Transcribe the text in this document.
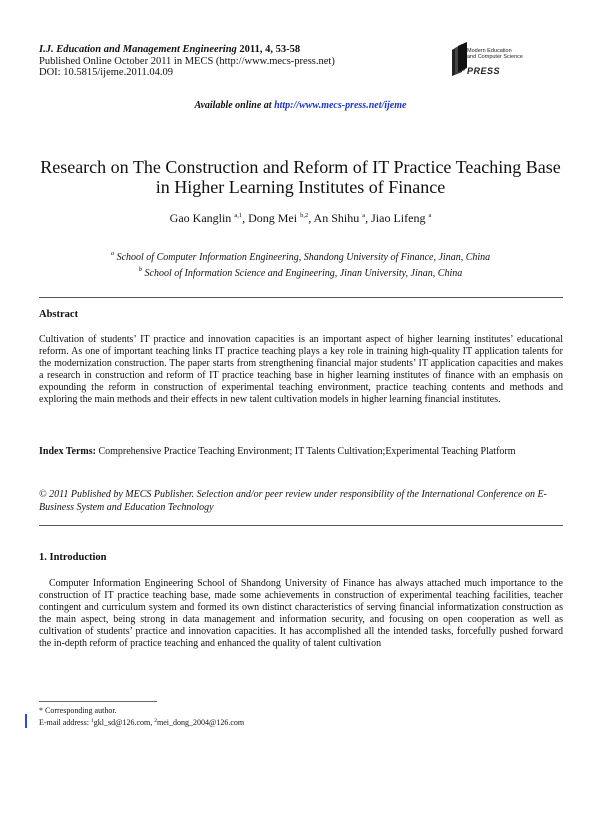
I.J. Education and Management Engineering 2011, 4, 53-58
Published Online October 2011 in MECS (http://www.mecs-press.net)
DOI: 10.5815/ijeme.2011.04.09
Modern Education
and Computer Science
PRESS
Available online at http://www.mecs-press.net/ijeme
Research on The Construction and Reform of IT Practice Teaching Base in Higher Learning Institutes of Finance
Gao Kanglin $^{a,1}$, Dong Mei $^{b,2}$, An Shihu $^a$, Jiao Lifeng $^a$
$^a$ School of Computer Information Engineering, Shandong University of Finance, Jinan, China
$^b$ School of Information Science and Engineering, Jinan University, Jinan, China
Abstract
Cultivation of students’ IT practice and innovation capacities is an important aspect of higher learning institutes’ educational reform. As one of important teaching links IT practice teaching plays a key role in training high-quality IT application talents for the modernization construction. The paper starts from strengthening financial major students’ IT application capacities and makes a research in construction and reform of IT practice teaching base in higher learning institutes of finance with an emphasis on expounding the reform in construction of experimental teaching environment, practice teaching contents and methods and exploring the main methods and their effects in new talent cultivation models in higher learning financial institutes.
Index Terms: Comprehensive Practice Teaching Environment; IT Talents Cultivation;Experimental Teaching Platform
© 2011 Published by MECS Publisher. Selection and/or peer review under responsibility of the International Conference on E-Business System and Education Technology
1. Introduction
Computer Information Engineering School of Shandong University of Finance has always attached much importance to the construction of IT practice teaching base, made some achievements in construction of experimental teaching facilities, teacher contingent and curriculum system and formed its own distinct characteristics of serving financial informatization construction as the main aspect, being strong in data management and information security, and focusing on open cooperation as well as cultivation of students’ practice and innovation capacities. It has accomplished all the intended tasks, forcefully pushed forward the in-depth reform of practice teaching and enhanced the quality of talent cultivation
* Corresponding author.
E-mail address: $^1$gkl_sd@126.com, $^2$mei_dong_2004@126.com
